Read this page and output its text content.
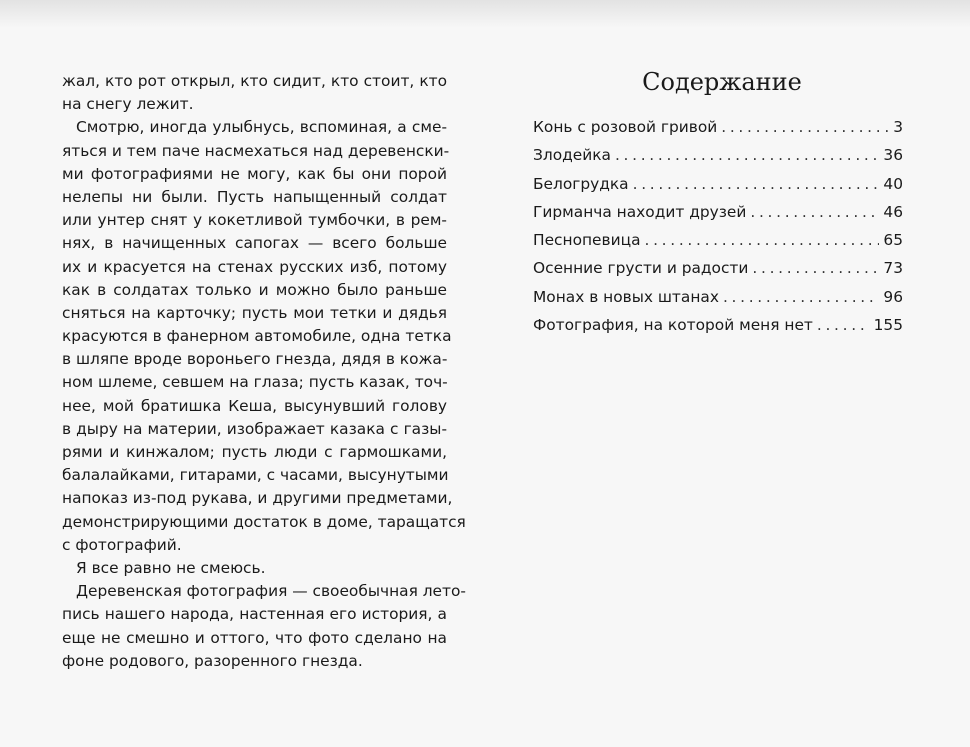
жал, кто рот открыл, кто сидит, кто стоит, кто
на снегу лежит.
Смотрю, иногда улыбнусь, вспоминая, а сме-
яться и тем паче насмехаться над деревенски-
ми фотографиями не могу, как бы они порой
нелепы ни были. Пусть напыщенный солдат
или унтер снят у кокетливой тумбочки, в рем-
нях, в начищенных сапогах — всего больше
их и красуется на стенах русских изб, потому
как в солдатах только и можно было раньше
сняться на карточку; пусть мои тетки и дядья
красуются в фанерном автомобиле, одна тетка
в шляпе вроде вороньего гнезда, дядя в кожа-
ном шлеме, севшем на глаза; пусть казак, точ-
нее, мой братишка Кеша, высунувший голову
в дыру на материи, изображает казака с газы-
рями и кинжалом; пусть люди с гармошками,
балалайками, гитарами, с часами, высунутыми
напоказ из-под рукава, и другими предметами,
демонстрирующими достаток в доме, таращатся
с фотографий.
Я все равно не смеюсь.
Деревенская фотография — своеобычная лето-
пись нашего народа, настенная его история, а
еще не смешно и оттого, что фото сделано на
фоне родового, разоренного гнезда.
Содержание
Конь с розовой гривой . . .	3
Злодейка . . .	36
Белогрудка . . .	40
Гирманча находит друзей . . .	46
Песнопевица . . .	65
Осенние грусти и радости . . .	73
Монах в новых штанах . . .	96
Фотография, на которой меня нет . . .	155
